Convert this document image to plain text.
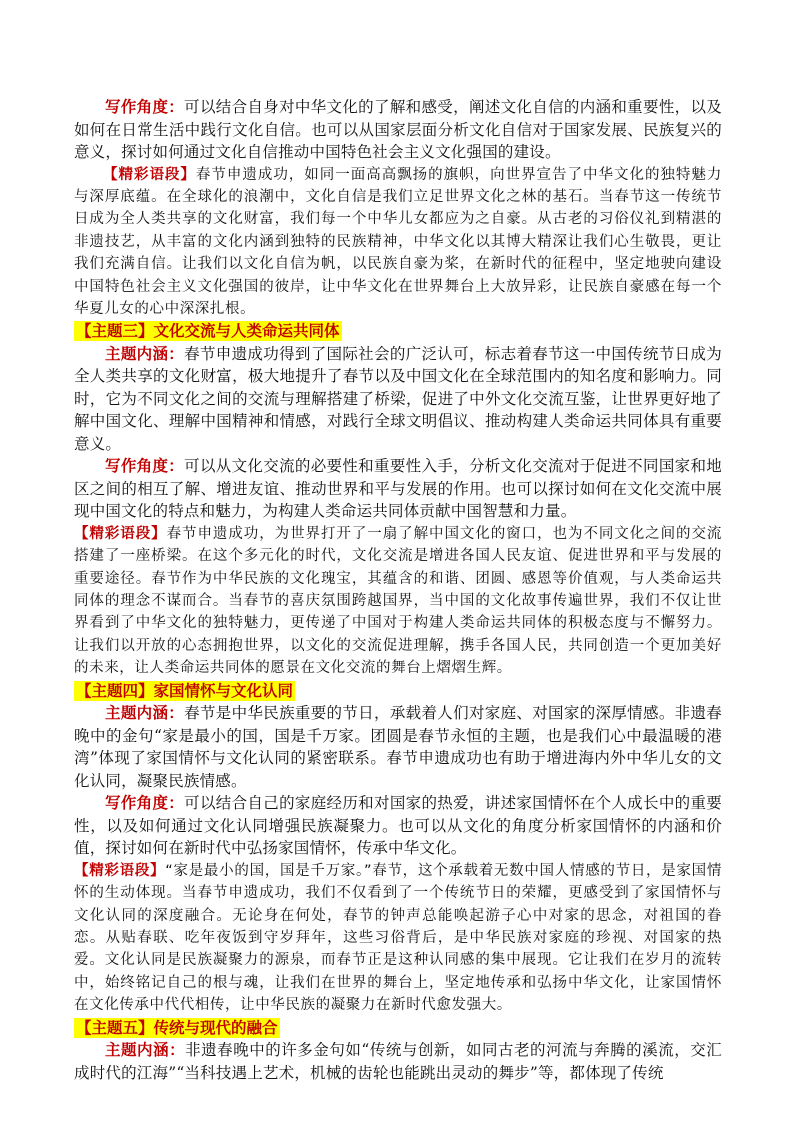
写作角度：可以结合自身对中华文化的了解和感受，阐述文化自信的内涵和重要性，以及如何在日常生活中践行文化自信。也可以从国家层面分析文化自信对于国家发展、民族复兴的意义，探讨如何通过文化自信推动中国特色社会主义文化强国的建设。

【精彩语段】春节申遗成功，如同一面高高飘扬的旗帜，向世界宣告了中华文化的独特魅力与深厚底蕴。在全球化的浪潮中，文化自信是我们立足世界文化之林的基石。当春节这一传统节日成为全人类共享的文化财富，我们每一个中华儿女都应为之自豪。从古老的习俗仪礼到精湛的非遗技艺，从丰富的文化内涵到独特的民族精神，中华文化以其博大精深让我们心生敬畏，更让我们充满自信。让我们以文化自信为帆，以民族自豪为桨，在新时代的征程中，坚定地驶向建设中国特色社会主义文化强国的彼岸，让中华文化在世界舞台上大放异彩，让民族自豪感在每一个华夏儿女的心中深深扎根。

【主题三】文化交流与人类命运共同体

主题内涵：春节申遗成功得到了国际社会的广泛认可，标志着春节这一中国传统节日成为全人类共享的文化财富，极大地提升了春节以及中国文化在全球范围内的知名度和影响力。同时，它为不同文化之间的交流与理解搭建了桥梁，促进了中外文化交流互鉴，让世界更好地了解中国文化、理解中国精神和情感，对践行全球文明倡议、推动构建人类命运共同体具有重要意义。

写作角度：可以从文化交流的必要性和重要性入手，分析文化交流对于促进不同国家和地区之间的相互了解、增进友谊、推动世界和平与发展的作用。也可以探讨如何在文化交流中展现中国文化的特点和魅力，为构建人类命运共同体贡献中国智慧和力量。

【精彩语段】春节申遗成功，为世界打开了一扇了解中国文化的窗口，也为不同文化之间的交流搭建了一座桥梁。在这个多元化的时代，文化交流是增进各国人民友谊、促进世界和平与发展的重要途径。春节作为中华民族的文化瑰宝，其蕴含的和谐、团圆、感恩等价值观，与人类命运共同体的理念不谋而合。当春节的喜庆氛围跨越国界，当中国的文化故事传遍世界，我们不仅让世界看到了中华文化的独特魅力，更传递了中国对于构建人类命运共同体的积极态度与不懈努力。让我们以开放的心态拥抱世界，以文化的交流促进理解，携手各国人民，共同创造一个更加美好的未来，让人类命运共同体的愿景在文化交流的舞台上熠熠生辉。

【主题四】家国情怀与文化认同

主题内涵：春节是中华民族重要的节日，承载着人们对家庭、对国家的深厚情感。非遗春晚中的金句“家是最小的国，国是千万家。团圆是春节永恒的主题，也是我们心中最温暖的港湾”体现了家国情怀与文化认同的紧密联系。春节申遗成功也有助于增进海内外中华儿女的文化认同，凝聚民族情感。

写作角度：可以结合自己的家庭经历和对国家的热爱，讲述家国情怀在个人成长中的重要性，以及如何通过文化认同增强民族凝聚力。也可以从文化的角度分析家国情怀的内涵和价值，探讨如何在新时代中弘扬家国情怀，传承中华文化。

【精彩语段】“家是最小的国，国是千万家。”春节，这个承载着无数中国人情感的节日，是家国情怀的生动体现。当春节申遗成功，我们不仅看到了一个传统节日的荣耀，更感受到了家国情怀与文化认同的深度融合。无论身在何处，春节的钟声总能唤起游子心中对家的思念，对祖国的眷恋。从贴春联、吃年夜饭到守岁拜年，这些习俗背后，是中华民族对家庭的珍视、对国家的热爱。文化认同是民族凝聚力的源泉，而春节正是这种认同感的集中展现。它让我们在岁月的流转中，始终铭记自己的根与魂，让我们在世界的舞台上，坚定地传承和弘扬中华文化，让家国情怀在文化传承中代代相传，让中华民族的凝聚力在新时代愈发强大。

【主题五】传统与现代的融合

主题内涵：非遗春晚中的许多金句如“传统与创新，如同古老的河流与奔腾的溪流，交汇成时代的江海”“当科技遇上艺术，机械的齿轮也能跳出灵动的舞步”等，都体现了传统
